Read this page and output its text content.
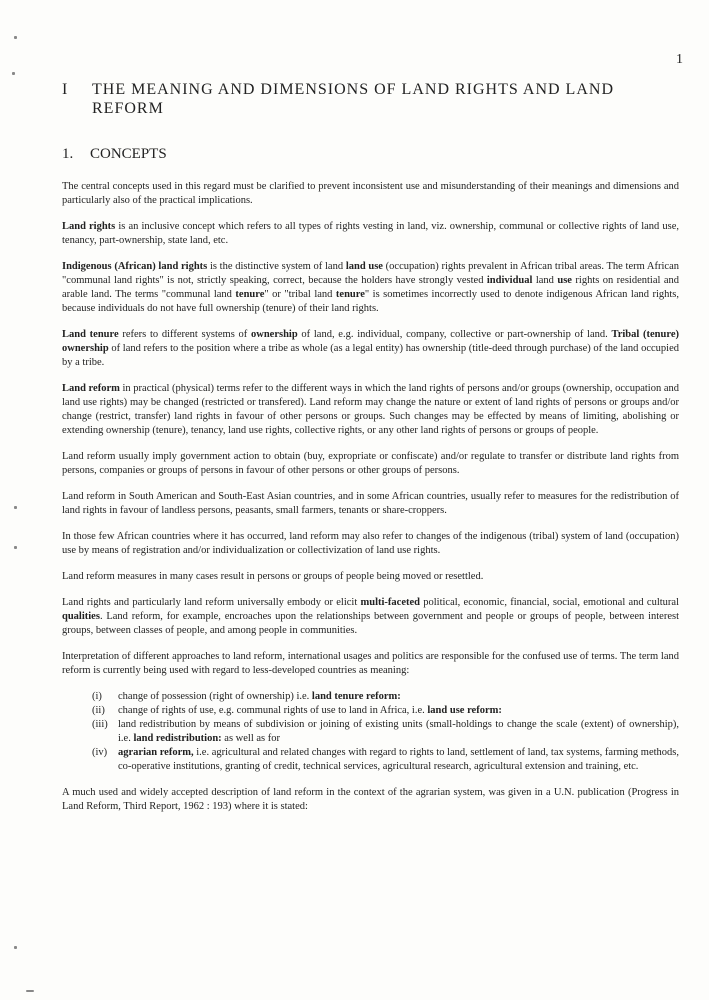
1
I THE MEANING AND DIMENSIONS OF LAND RIGHTS AND LAND REFORM
1. CONCEPTS

The central concepts used in this regard must be clarified to prevent inconsistent use and misunderstanding of their meanings and dimensions and particularly also of the practical implications.

Land rights is an inclusive concept which refers to all types of rights vesting in land, viz. ownership, communal or collective rights of land use, tenancy, part-ownership, state land, etc.

Indigenous (African) land rights is the distinctive system of land land use (occupation) rights prevalent in African tribal areas. The term African "communal land rights" is not, strictly speaking, correct, because the holders have strongly vested individual land use rights on residential and arable land. The terms "communal land tenure" or "tribal land tenure" is sometimes incorrectly used to denote indigenous African land rights, because individuals do not have full ownership (tenure) of their land rights.

Land tenure refers to different systems of ownership of land, e.g. individual, company, collective or part-ownership of land. Tribal (tenure) ownership of land refers to the position where a tribe as whole (as a legal entity) has ownership (title-deed through purchase) of the land occupied by a tribe.

Land reform in practical (physical) terms refer to the different ways in which the land rights of persons and/or groups (ownership, occupation and land use rights) may be changed (restricted or transfered). Land reform may change the nature or extent of land rights of persons or groups and/or change (restrict, transfer) land rights in favour of other persons or groups. Such changes may be effected by means of limiting, abolishing or extending ownership (tenure), tenancy, land use rights, collective rights, or any other land rights of persons or groups of people.

Land reform usually imply government action to obtain (buy, expropriate or confiscate) and/or regulate to transfer or distribute land rights from persons, companies or groups of persons in favour of other persons or other groups of persons.

Land reform in South American and South-East Asian countries, and in some African countries, usually refer to measures for the redistribution of land rights in favour of landless persons, peasants, small farmers, tenants or share-croppers.

In those few African countries where it has occurred, land reform may also refer to changes of the indigenous (tribal) system of land (occupation) use by means of registration and/or individualization or collectivization of land use rights.

Land reform measures in many cases result in persons or groups of people being moved or resettled.

Land rights and particularly land reform universally embody or elicit multi-faceted political, economic, financial, social, emotional and cultural qualities. Land reform, for example, encroaches upon the relationships between government and people or groups of people, between interest groups, between classes of people, and among people in communities.

Interpretation of different approaches to land reform, international usages and politics are responsible for the confused use of terms. The term land reform is currently being used with regard to less-developed countries as meaning:

(i) change of possession (right of ownership) i.e. land tenure reform:
(ii) change of rights of use, e.g. communal rights of use to land in Africa, i.e. land use reform:
(iii) land redistribution by means of subdivision or joining of existing units (small-holdings to change the scale (extent) of ownership), i.e. land redistribution: as well as for
(iv) agrarian reform, i.e. agricultural and related changes with regard to rights to land, settlement of land, tax systems, farming methods, co-operative institutions, granting of credit, technical services, agricultural research, agricultural extension and training, etc.

A much used and widely accepted description of land reform in the context of the agrarian system, was given in a U.N. publication (Progress in Land Reform, Third Report, 1962 : 193) where it is stated:
